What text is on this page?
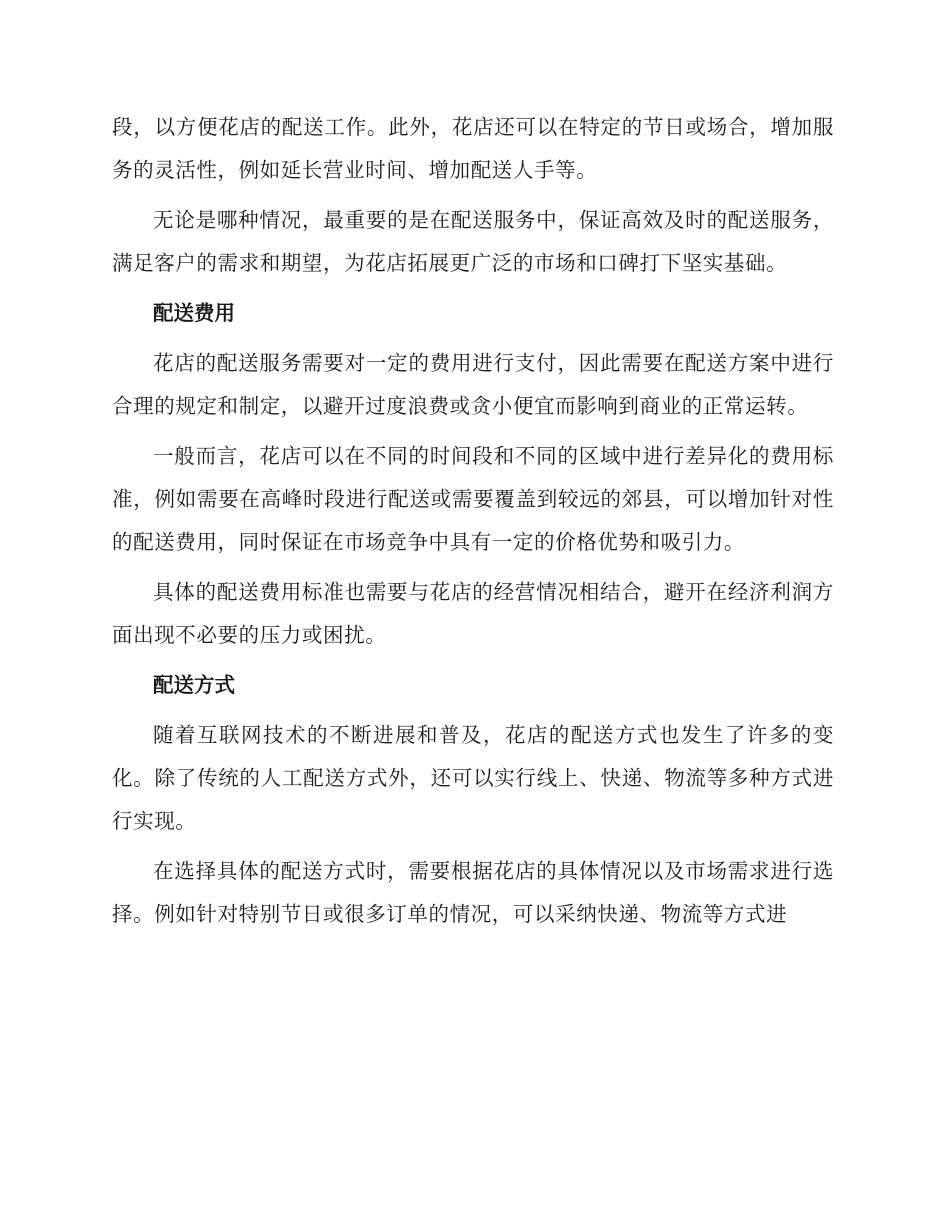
段，以方便花店的配送工作。此外，花店还可以在特定的节日或场合，增加服务的灵活性，例如延长营业时间、增加配送人手等。

无论是哪种情况，最重要的是在配送服务中，保证高效及时的配送服务，满足客户的需求和期望，为花店拓展更广泛的市场和口碑打下坚实基础。

配送费用

花店的配送服务需要对一定的费用进行支付，因此需要在配送方案中进行合理的规定和制定，以避开过度浪费或贪小便宜而影响到商业的正常运转。

一般而言，花店可以在不同的时间段和不同的区域中进行差异化的费用标准，例如需要在高峰时段进行配送或需要覆盖到较远的郊县，可以增加针对性的配送费用，同时保证在市场竞争中具有一定的价格优势和吸引力。

具体的配送费用标准也需要与花店的经营情况相结合，避开在经济利润方面出现不必要的压力或困扰。

配送方式

随着互联网技术的不断进展和普及，花店的配送方式也发生了许多的变化。除了传统的人工配送方式外，还可以实行线上、快递、物流等多种方式进行实现。

在选择具体的配送方式时，需要根据花店的具体情况以及市场需求进行选择。例如针对特别节日或很多订单的情况，可以采纳快递、物流等方式进
